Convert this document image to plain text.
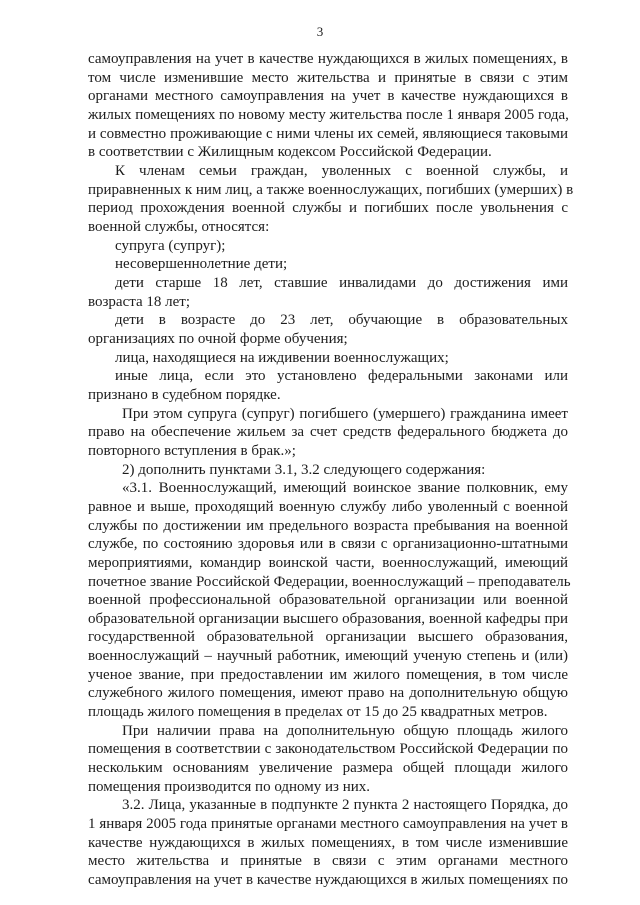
3
самоуправления на учет в качестве нуждающихся в жилых помещениях, в
том числе изменившие место жительства и принятые в связи с этим
органами местного самоуправления на учет в качестве нуждающихся в
жилых помещениях по новому месту жительства после 1 января 2005 года,
и совместно проживающие с ними члены их семей, являющиеся таковыми
в соответствии с Жилищным кодексом Российской Федерации.
К членам семьи граждан, уволенных с военной службы, и
приравненных к ним лиц, а также военнослужащих, погибших (умерших) в
период прохождения военной службы и погибших после увольнения с
военной службы, относятся:
супруга (супруг);
несовершеннолетние дети;
дети старше 18 лет, ставшие инвалидами до достижения ими
возраста 18 лет;
дети в возрасте до 23 лет, обучающие в образовательных
организациях по очной форме обучения;
лица, находящиеся на иждивении военнослужащих;
иные лица, если это установлено федеральными законами или
признано в судебном порядке.
При этом супруга (супруг) погибшего (умершего) гражданина имеет
право на обеспечение жильем за счет средств федерального бюджета до
повторного вступления в брак.»;
2) дополнить пунктами 3.1, 3.2 следующего содержания:
«3.1. Военнослужащий, имеющий воинское звание полковник, ему
равное и выше, проходящий военную службу либо уволенный с военной
службы по достижении им предельного возраста пребывания на военной
службе, по состоянию здоровья или в связи с организационно-штатными
мероприятиями, командир воинской части, военнослужащий, имеющий
почетное звание Российской Федерации, военнослужащий – преподаватель
военной профессиональной образовательной организации или военной
образовательной организации высшего образования, военной кафедры при
государственной образовательной организации высшего образования,
военнослужащий – научный работник, имеющий ученую степень и (или)
ученое звание, при предоставлении им жилого помещения, в том числе
служебного жилого помещения, имеют право на дополнительную общую
площадь жилого помещения в пределах от 15 до 25 квадратных метров.
При наличии права на дополнительную общую площадь жилого
помещения в соответствии с законодательством Российской Федерации по
нескольким основаниям увеличение размера общей площади жилого
помещения производится по одному из них.
3.2. Лица, указанные в подпункте 2 пункта 2 настоящего Порядка, до
1 января 2005 года принятые органами местного самоуправления на учет в
качестве нуждающихся в жилых помещениях, в том числе изменившие
место жительства и принятые в связи с этим органами местного
самоуправления на учет в качестве нуждающихся в жилых помещениях по
